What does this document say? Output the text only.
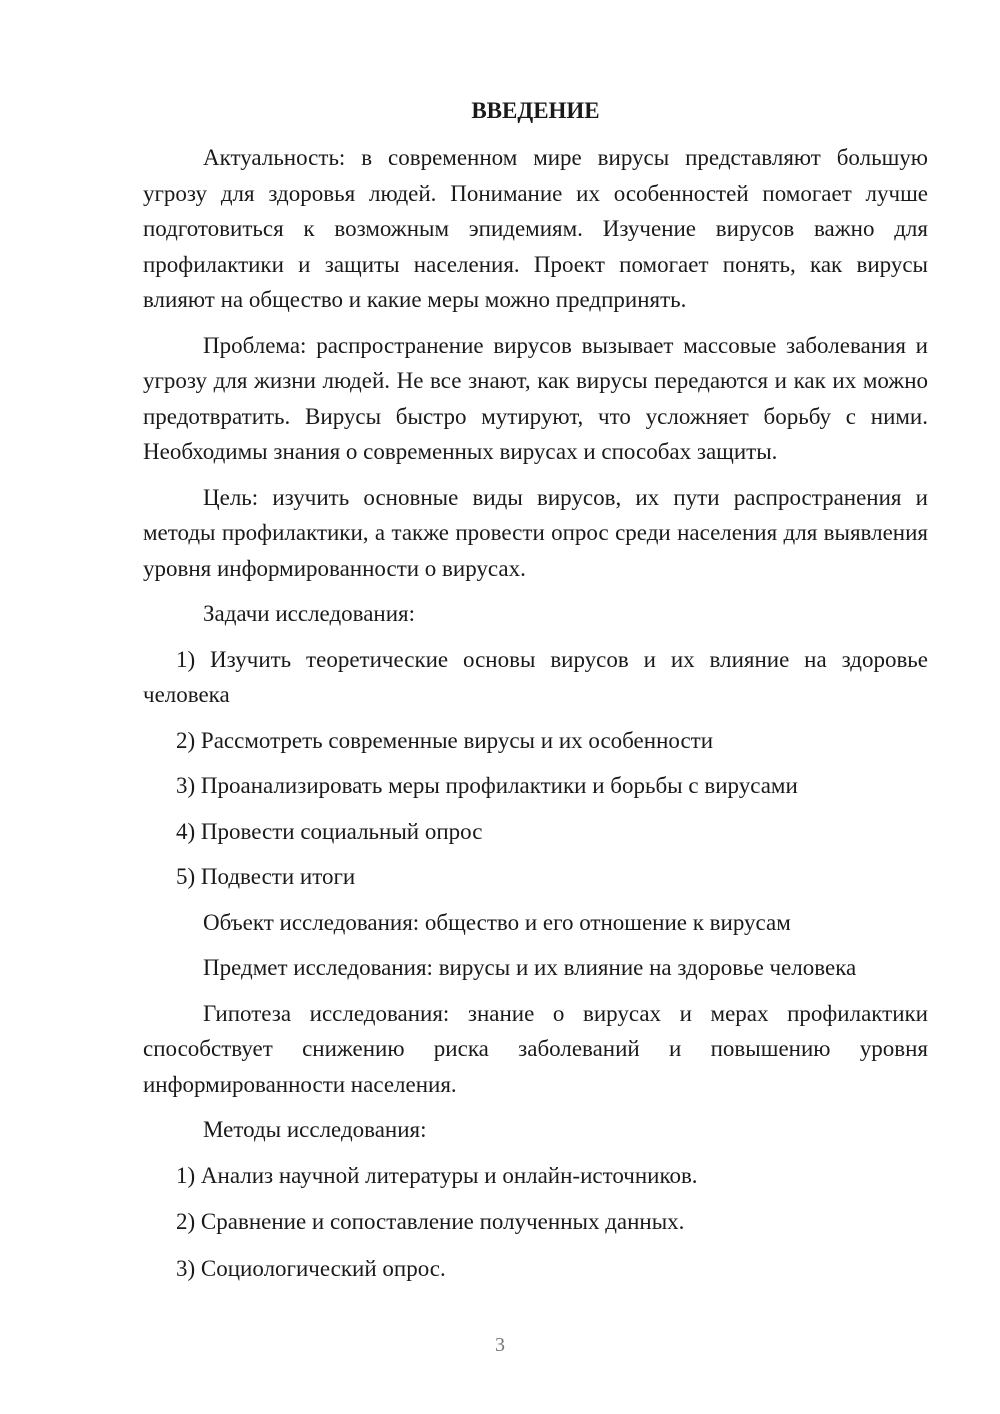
ВВЕДЕНИЕ

Актуальность: в современном мире вирусы представляют большую угрозу для здоровья людей. Понимание их особенностей помогает лучше подготовиться к возможным эпидемиям. Изучение вирусов важно для профилактики и защиты населения. Проект помогает понять, как вирусы влияют на общество и какие меры можно предпринять.

Проблема: распространение вирусов вызывает массовые заболевания и угрозу для жизни людей. Не все знают, как вирусы передаются и как их можно предотвратить. Вирусы быстро мутируют, что усложняет борьбу с ними. Необходимы знания о современных вирусах и способах защиты.

Цель: изучить основные виды вирусов, их пути распространения и методы профилактики, а также провести опрос среди населения для выявления уровня информированности о вирусах.

Задачи исследования:

1) Изучить теоретические основы вирусов и их влияние на здоровье человека

2) Рассмотреть современные вирусы и их особенности

3) Проанализировать меры профилактики и борьбы с вирусами

4) Провести социальный опрос

5) Подвести итоги

Объект исследования: общество и его отношение к вирусам

Предмет исследования: вирусы и их влияние на здоровье человека

Гипотеза исследования: знание о вирусах и мерах профилактики способствует снижению риска заболеваний и повышению уровня информированности населения.

Методы исследования:

1) Анализ научной литературы и онлайн-источников.

2) Сравнение и сопоставление полученных данных.

3) Социологический опрос.

3
